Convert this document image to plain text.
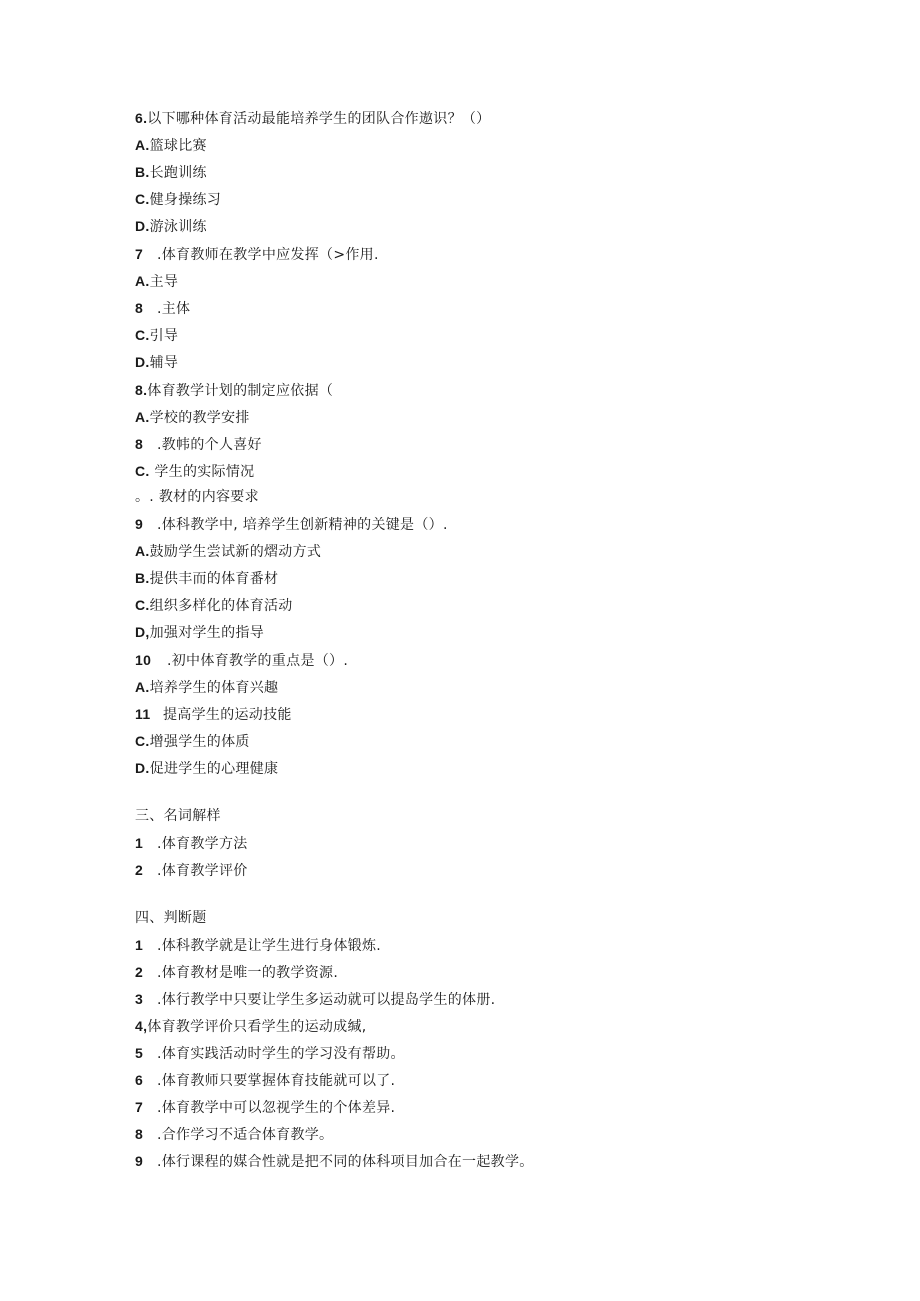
6.以下哪种体育活动最能培养学生的团队合作遨识？（）
A.篮球比赛
B.长跑训练
C.健身操练习
D.游泳训练
7 .体育教师在教学中应发挥（>作用.
A.主导
8 .主体
C.引导
D.辅导
8.体育教学计划的制定应依据（
A.学校的教学安排
8 .教帏的个人喜好
C. 学生的实际情况
。. 教材的内容要求
9 .体科教学中, 培养学生创新精神的关键是（）.
A.鼓励学生尝试新的熠动方式
B.提供丰而的体育番材
C.组织多样化的体育活动
D,加强对学生的指导
10 .初中体育教学的重点是（）.
A.培养学生的体育兴趣
11 提高学生的运动技能
C.增强学生的体质
D.促进学生的心理健康
三、名词解样
1 .体育教学方法
2 .体育教学评价
四、判断题
1 .体科教学就是让学生进行身体锻炼.
2 .体育教材是唯一的教学资源.
3 .体行教学中只要让学生多运动就可以提岛学生的体册.
4,体育教学评价只看学生的运动成缄,
5 .体育实践活动时学生的学习没有帮助。
6 .体育教师只要掌握体育技能就可以了.
7 .体育教学中可以忽视学生的个体差异.
8 .合作学习不适合体育教学。
9 .体行课程的媒合性就是把不同的体科项目加合在一起教学。
